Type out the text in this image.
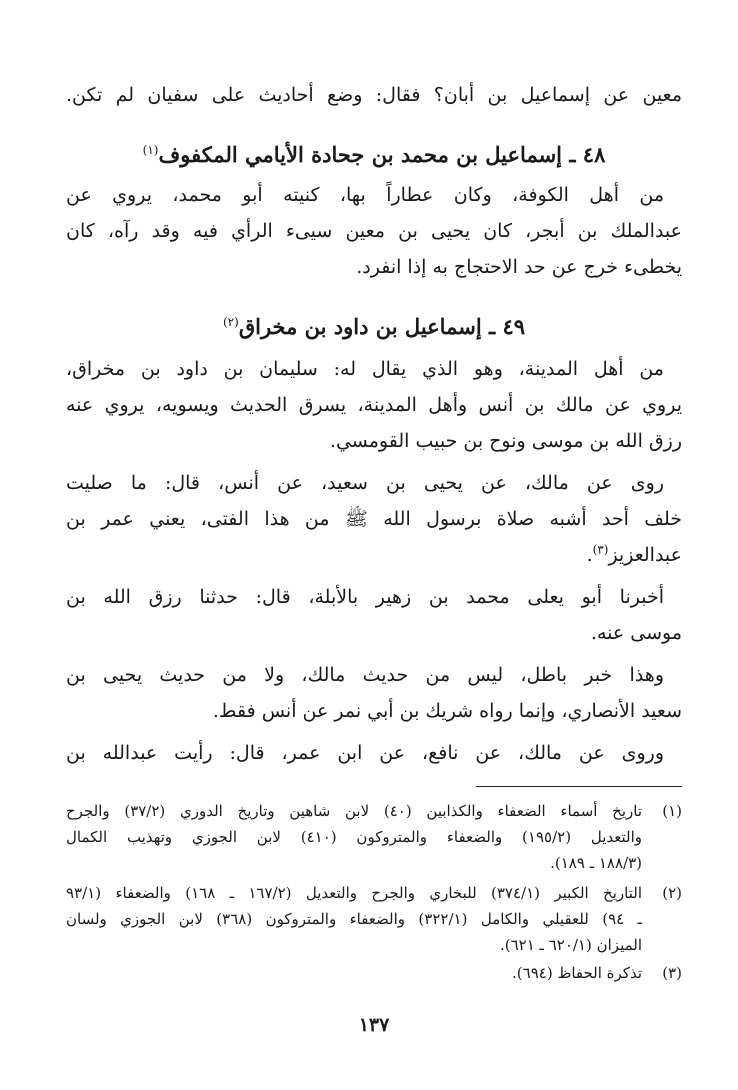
معين عن إسماعيل بن أبان؟ فقال: وضع أحاديث على سفيان لم تكن.
٤٨ ـ إسماعيل بن محمد بن جحادة الأيامي المكفوف$^{(١)}$
من أهل الكوفة، وكان عطاراً بها، كنيته أبو محمد، يروي عن
عبدالملك بن أبجر، كان يحيى بن معين سيىء الرأي فيه وقد رآه، كان
يخطىء خرج عن حد الاحتجاج به إذا انفرد.
٤٩ ـ إسماعيل بن داود بن مخراق$^{(٢)}$
من أهل المدينة، وهو الذي يقال له: سليمان بن داود بن مخراق،
يروي عن مالك بن أنس وأهل المدينة، يسرق الحديث ويسويه، يروي عنه
رزق الله بن موسى ونوح بن حبيب القومسي.
روى عن مالك، عن يحيى بن سعيد، عن أنس، قال: ما صليت
خلف أحد أشبه صلاة برسول الله ﷺ من هذا الفتى، يعني عمر بن
عبدالعزيز$^{(٣)}$.
أخبرنا أبو يعلى محمد بن زهير بالأبلة، قال: حدثنا رزق الله بن
موسى عنه.
وهذا خبر باطل، ليس من حديث مالك، ولا من حديث يحيى بن
سعيد الأنصاري، وإنما رواه شريك بن أبي نمر عن أنس فقط.
وروى عن مالك، عن نافع، عن ابن عمر، قال: رأيت عبدالله بن
(١)
تاريخ أسماء الضعفاء والكذابين (٤٠) لابن شاهين وتاريخ الدوري (٣٧/٢) والجرح
والتعديل (١٩٥/٢) والضعفاء والمتروكون (٤١٠) لابن الجوزي وتهذيب الكمال
(١٨٨/٣ ـ ١٨٩).
(٢)
التاريخ الكبير (٣٧٤/١) للبخاري والجرح والتعديل (١٦٧/٢ ـ ١٦٨) والضعفاء (٩٣/١
ـ ٩٤) للعقيلي والكامل (٣٢٢/١) والضعفاء والمتروكون (٣٦٨) لابن الجوزي ولسان
الميزان (٦٢٠/١ ـ ٦٢١).
(٣)
تذكرة الحفاظ (٦٩٤).
١٣٧
